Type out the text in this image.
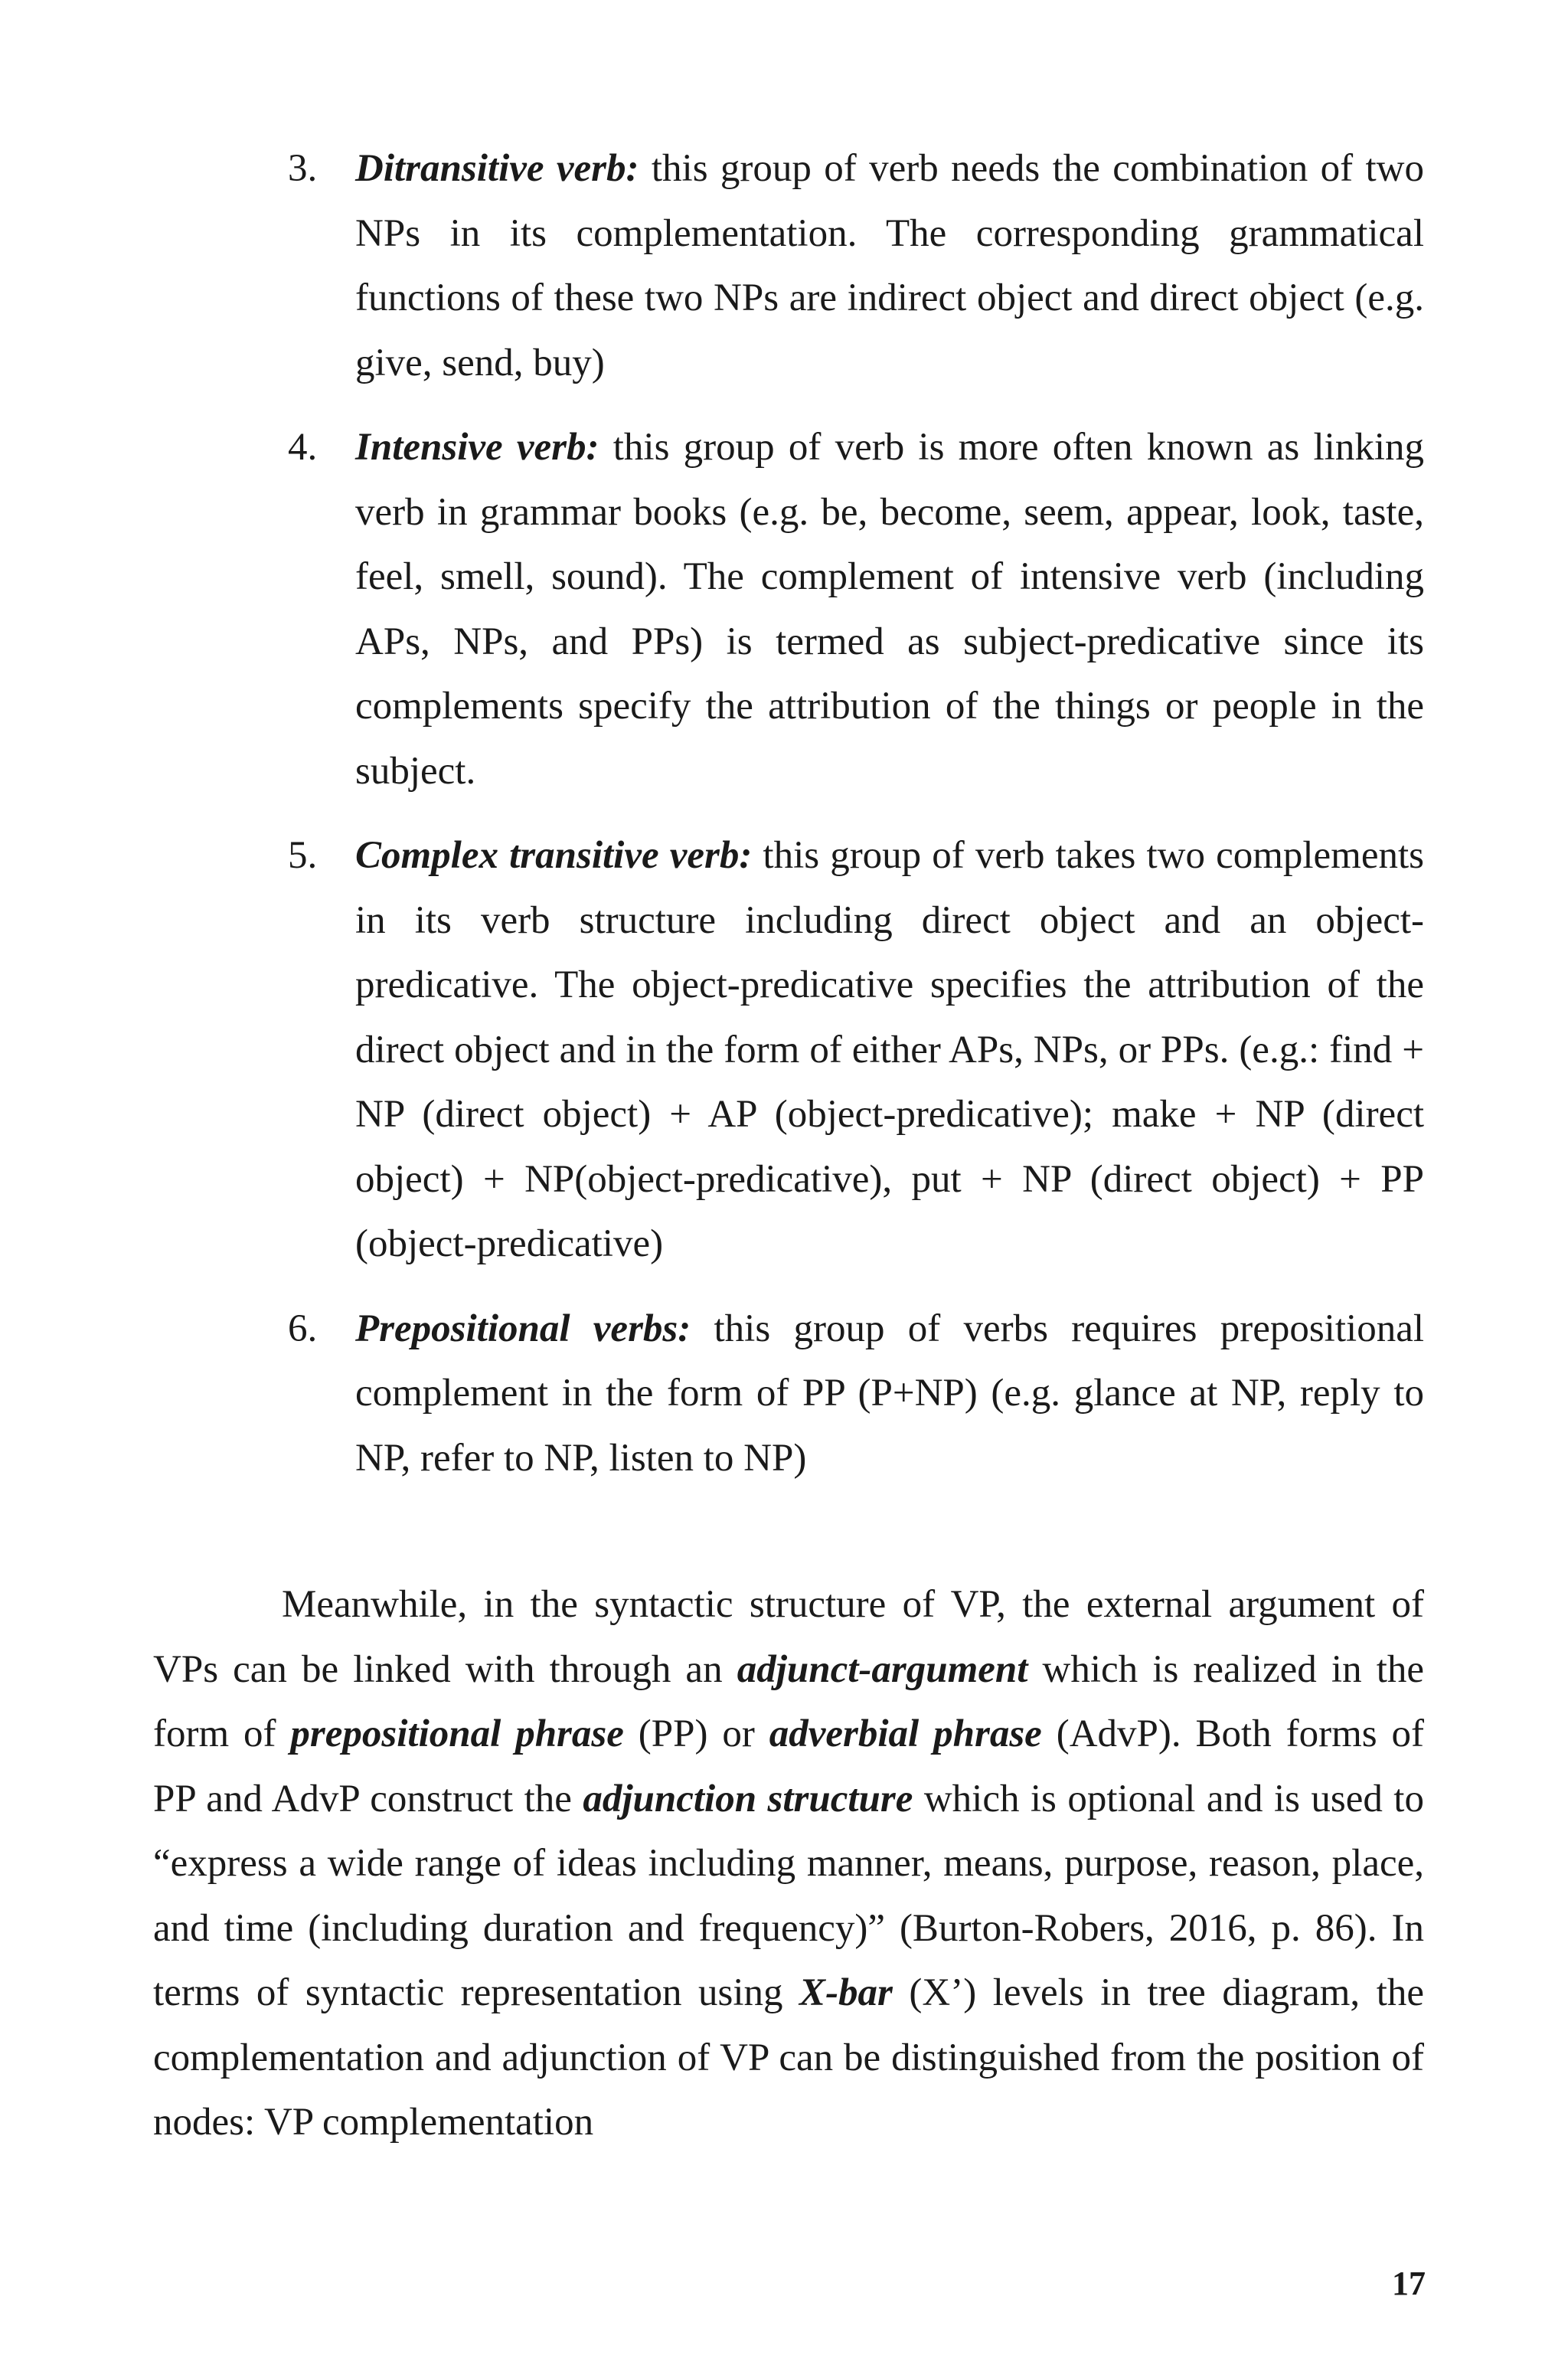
3. Ditransitive verb: this group of verb needs the combination of two NPs in its complementation. The corresponding grammatical functions of these two NPs are indirect object and direct object (e.g. give, send, buy)
4. Intensive verb: this group of verb is more often known as linking verb in grammar books (e.g. be, become, seem, appear, look, taste, feel, smell, sound). The complement of intensive verb (including APs, NPs, and PPs) is termed as subject-predicative since its complements specify the attribution of the things or people in the subject.
5. Complex transitive verb: this group of verb takes two complements in its verb structure including direct object and an object-predicative. The object-predicative specifies the attribution of the direct object and in the form of either APs, NPs, or PPs. (e.g.: find + NP (direct object) + AP (object-predicative); make + NP (direct object) + NP(object-predicative), put + NP (direct object) + PP (object-predicative)
6. Prepositional verbs: this group of verbs requires prepositional complement in the form of PP (P+NP) (e.g. glance at NP, reply to NP, refer to NP, listen to NP)

Meanwhile, in the syntactic structure of VP, the external argument of VPs can be linked with through an adjunct-argument which is realized in the form of prepositional phrase (PP) or adverbial phrase (AdvP). Both forms of PP and AdvP construct the adjunction structure which is optional and is used to “express a wide range of ideas including manner, means, purpose, reason, place, and time (including duration and frequency)” (Burton-Robers, 2016, p. 86). In terms of syntactic representation using X-bar (X’) levels in tree diagram, the complementation and adjunction of VP can be distinguished from the position of nodes: VP complementation

17
